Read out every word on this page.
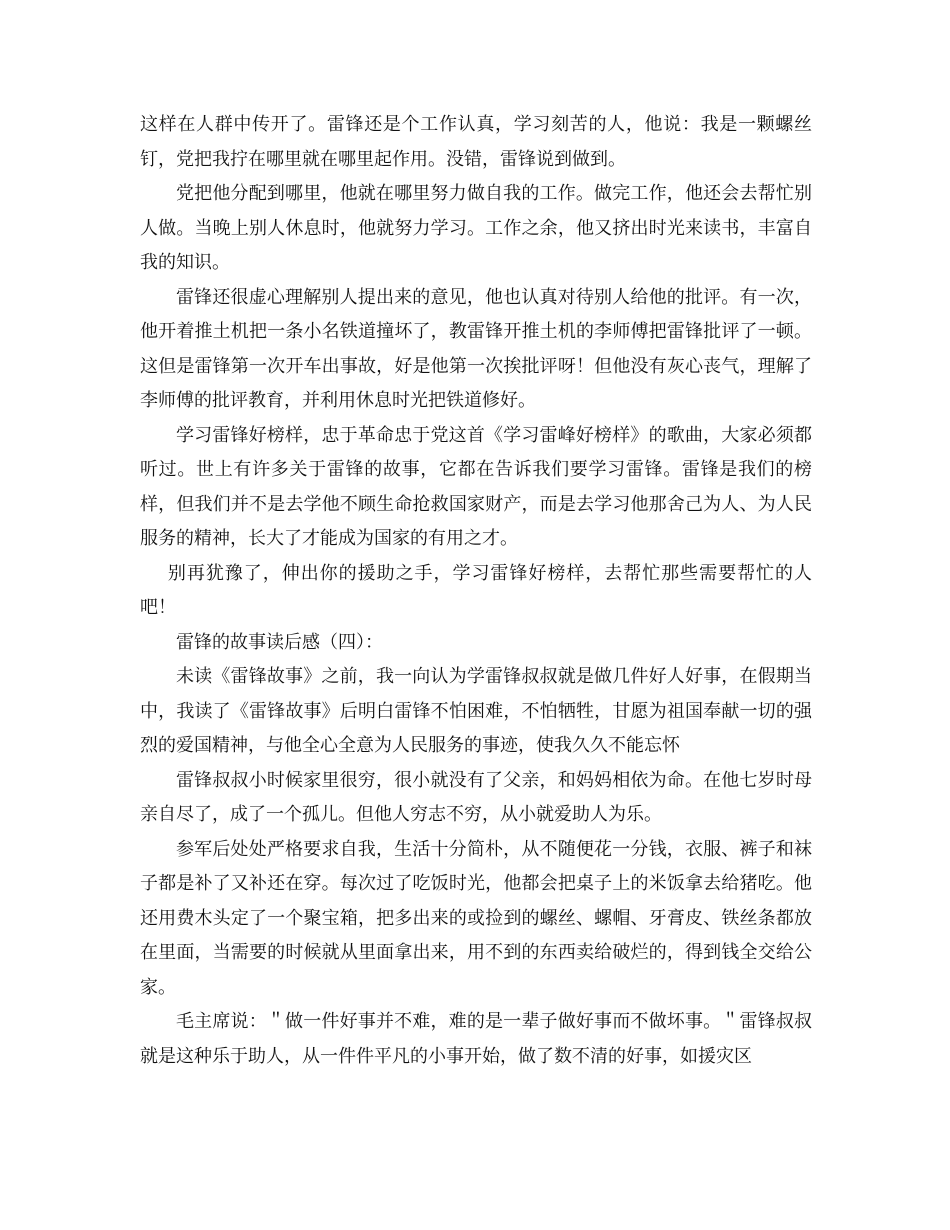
这样在人群中传开了。雷锋还是个工作认真，学习刻苦的人，他说：我是一颗螺丝钉，党把我拧在哪里就在哪里起作用。没错，雷锋说到做到。

党把他分配到哪里，他就在哪里努力做自我的工作。做完工作，他还会去帮忙别人做。当晚上别人休息时，他就努力学习。工作之余，他又挤出时光来读书，丰富自我的知识。

雷锋还很虚心理解别人提出来的意见，他也认真对待别人给他的批评。有一次，他开着推土机把一条小名铁道撞坏了，教雷锋开推土机的李师傅把雷锋批评了一顿。这但是雷锋第一次开车出事故，好是他第一次挨批评呀！但他没有灰心丧气，理解了李师傅的批评教育，并利用休息时光把铁道修好。

学习雷锋好榜样，忠于革命忠于党这首《学习雷峰好榜样》的歌曲，大家必须都听过。世上有许多关于雷锋的故事，它都在告诉我们要学习雷锋。雷锋是我们的榜样，但我们并不是去学他不顾生命抢救国家财产，而是去学习他那舍己为人、为人民服务的精神，长大了才能成为国家的有用之才。

别再犹豫了，伸出你的援助之手，学习雷锋好榜样，去帮忙那些需要帮忙的人吧！

雷锋的故事读后感（四）：

未读《雷锋故事》之前，我一向认为学雷锋叔叔就是做几件好人好事，在假期当中，我读了《雷锋故事》后明白雷锋不怕困难，不怕牺牲，甘愿为祖国奉献一切的强烈的爱国精神，与他全心全意为人民服务的事迹，使我久久不能忘怀

雷锋叔叔小时候家里很穷，很小就没有了父亲，和妈妈相依为命。在他七岁时母亲自尽了，成了一个孤儿。但他人穷志不穷，从小就爱助人为乐。

参军后处处严格要求自我，生活十分简朴，从不随便花一分钱，衣服、裤子和袜子都是补了又补还在穿。每次过了吃饭时光，他都会把桌子上的米饭拿去给猪吃。他还用费木头定了一个聚宝箱，把多出来的或捡到的螺丝、螺帽、牙膏皮、铁丝条都放在里面，当需要的时候就从里面拿出来，用不到的东西卖给破烂的，得到钱全交给公家。

毛主席说：＂做一件好事并不难，难的是一辈子做好事而不做坏事。＂雷锋叔叔就是这种乐于助人，从一件件平凡的小事开始，做了数不清的好事，如援灾区
